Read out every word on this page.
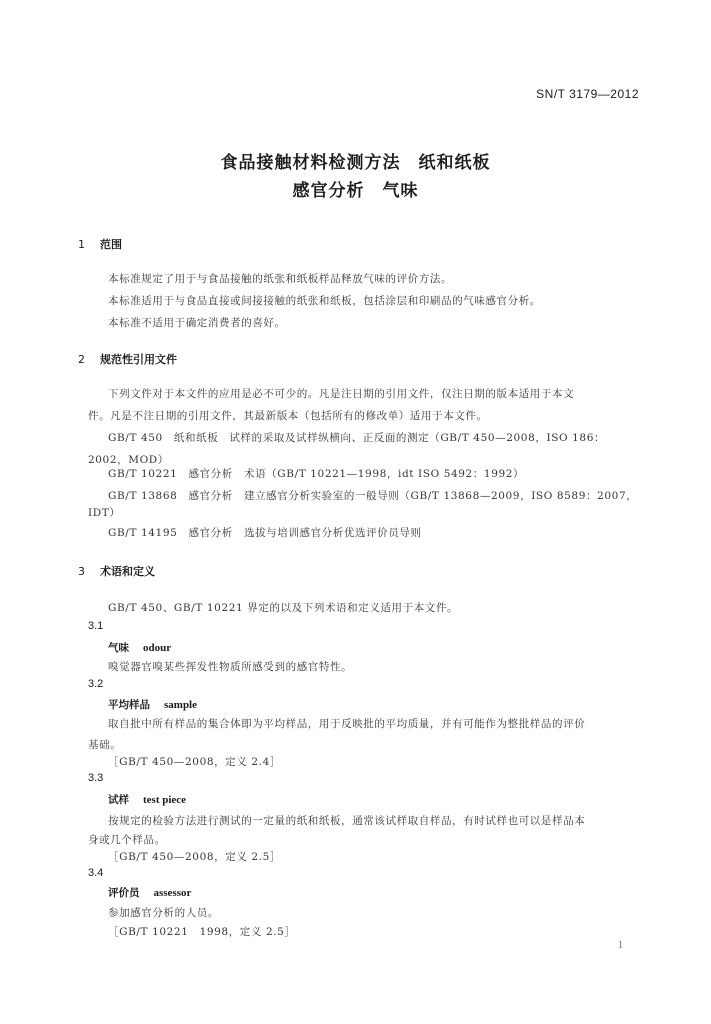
SN/T 3179—2012
食品接触材料检测方法　纸和纸板
感官分析　气味
1 范围
本标准规定了用于与食品接触的纸张和纸板样品释放气味的评价方法。
本标准适用于与食品直接或间接接触的纸张和纸板，包括涂层和印刷品的气味感官分析。
本标准不适用于确定消费者的喜好。
2 规范性引用文件
下列文件对于本文件的应用是必不可少的。凡是注日期的引用文件，仅注日期的版本适用于本文
件。凡是不注日期的引用文件，其最新版本（包括所有的修改单）适用于本文件。
GB/T 450　纸和纸板　试样的采取及试样纵横向、正反面的测定（GB/T 450—2008，ISO 186：
2002，MOD）
GB/T 10221　感官分析　术语（GB/T 10221—1998，idt ISO 5492：1992）
GB/T 13868　感官分析　建立感官分析实验室的一般导则（GB/T 13868—2009，ISO 8589：2007，
IDT）
GB/T 14195　感官分析　选拔与培训感官分析优选评价员导则
3 术语和定义
GB/T 450、GB/T 10221 界定的以及下列术语和定义适用于本文件。
3.1
气味 odour
嗅觉器官嗅某些挥发性物质所感受到的感官特性。
3.2
平均样品 sample
取自批中所有样品的集合体即为平均样品，用于反映批的平均质量，并有可能作为整批样品的评价
基础。
［GB/T 450—2008，定义 2.4］
3.3
试样 test piece
按规定的检验方法进行测试的一定量的纸和纸板，通常该试样取自样品，有时试样也可以是样品本
身或几个样品。
［GB/T 450—2008，定义 2.5］
3.4
评价员 assessor
参加感官分析的人员。
［GB/T 10221　1998，定义 2.5］
1
